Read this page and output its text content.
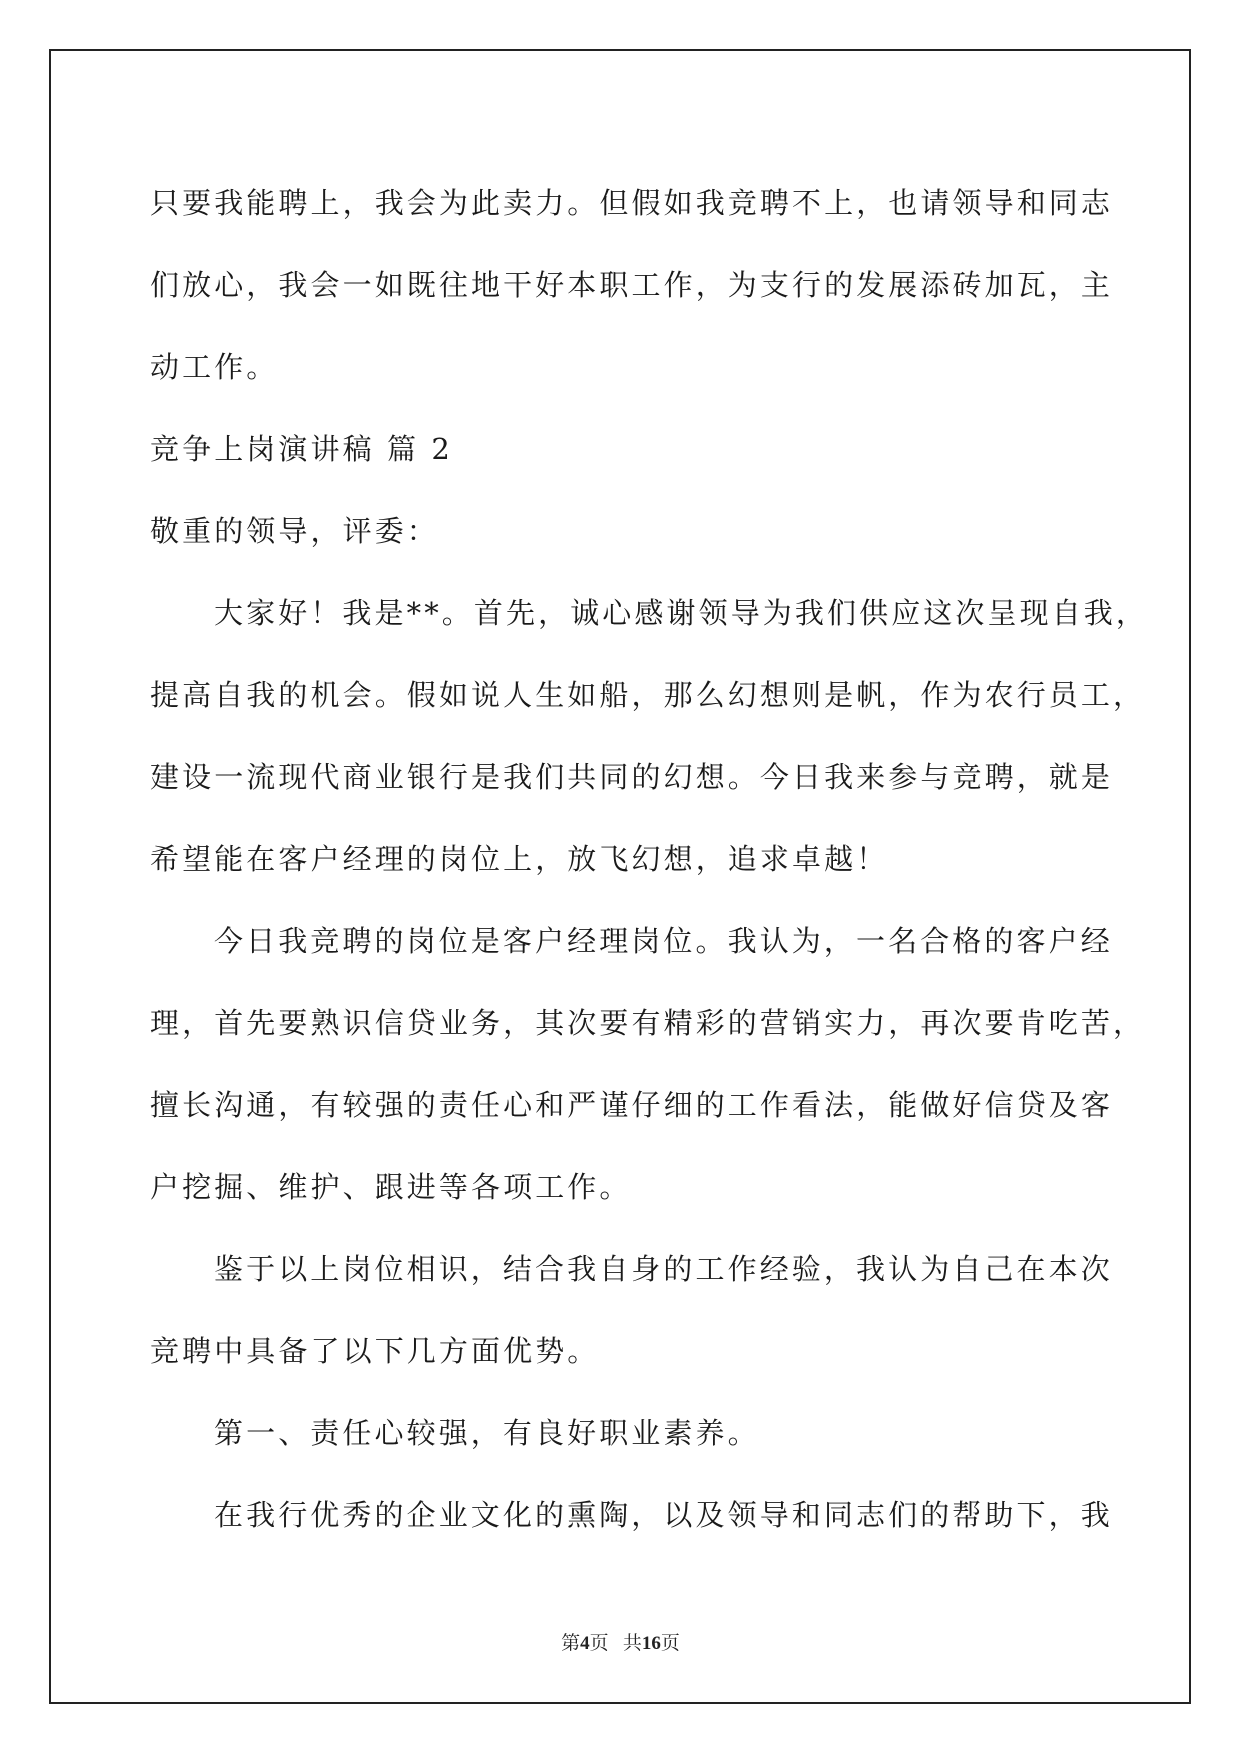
只要我能聘上，我会为此卖力。但假如我竞聘不上，也请领导和同志
们放心，我会一如既往地干好本职工作，为支行的发展添砖加瓦，主
动工作。
竞争上岗演讲稿 篇 2
敬重的领导，评委：
大家好！我是**。首先，诚心感谢领导为我们供应这次呈现自我，
提高自我的机会。假如说人生如船，那么幻想则是帆，作为农行员工，
建设一流现代商业银行是我们共同的幻想。今日我来参与竞聘，就是
希望能在客户经理的岗位上，放飞幻想，追求卓越！
今日我竞聘的岗位是客户经理岗位。我认为，一名合格的客户经
理，首先要熟识信贷业务，其次要有精彩的营销实力，再次要肯吃苦，
擅长沟通，有较强的责任心和严谨仔细的工作看法，能做好信贷及客
户挖掘、维护、跟进等各项工作。
鉴于以上岗位相识，结合我自身的工作经验，我认为自己在本次
竞聘中具备了以下几方面优势。
第一、责任心较强，有良好职业素养。
在我行优秀的企业文化的熏陶，以及领导和同志们的帮助下，我
第4页 共16页
